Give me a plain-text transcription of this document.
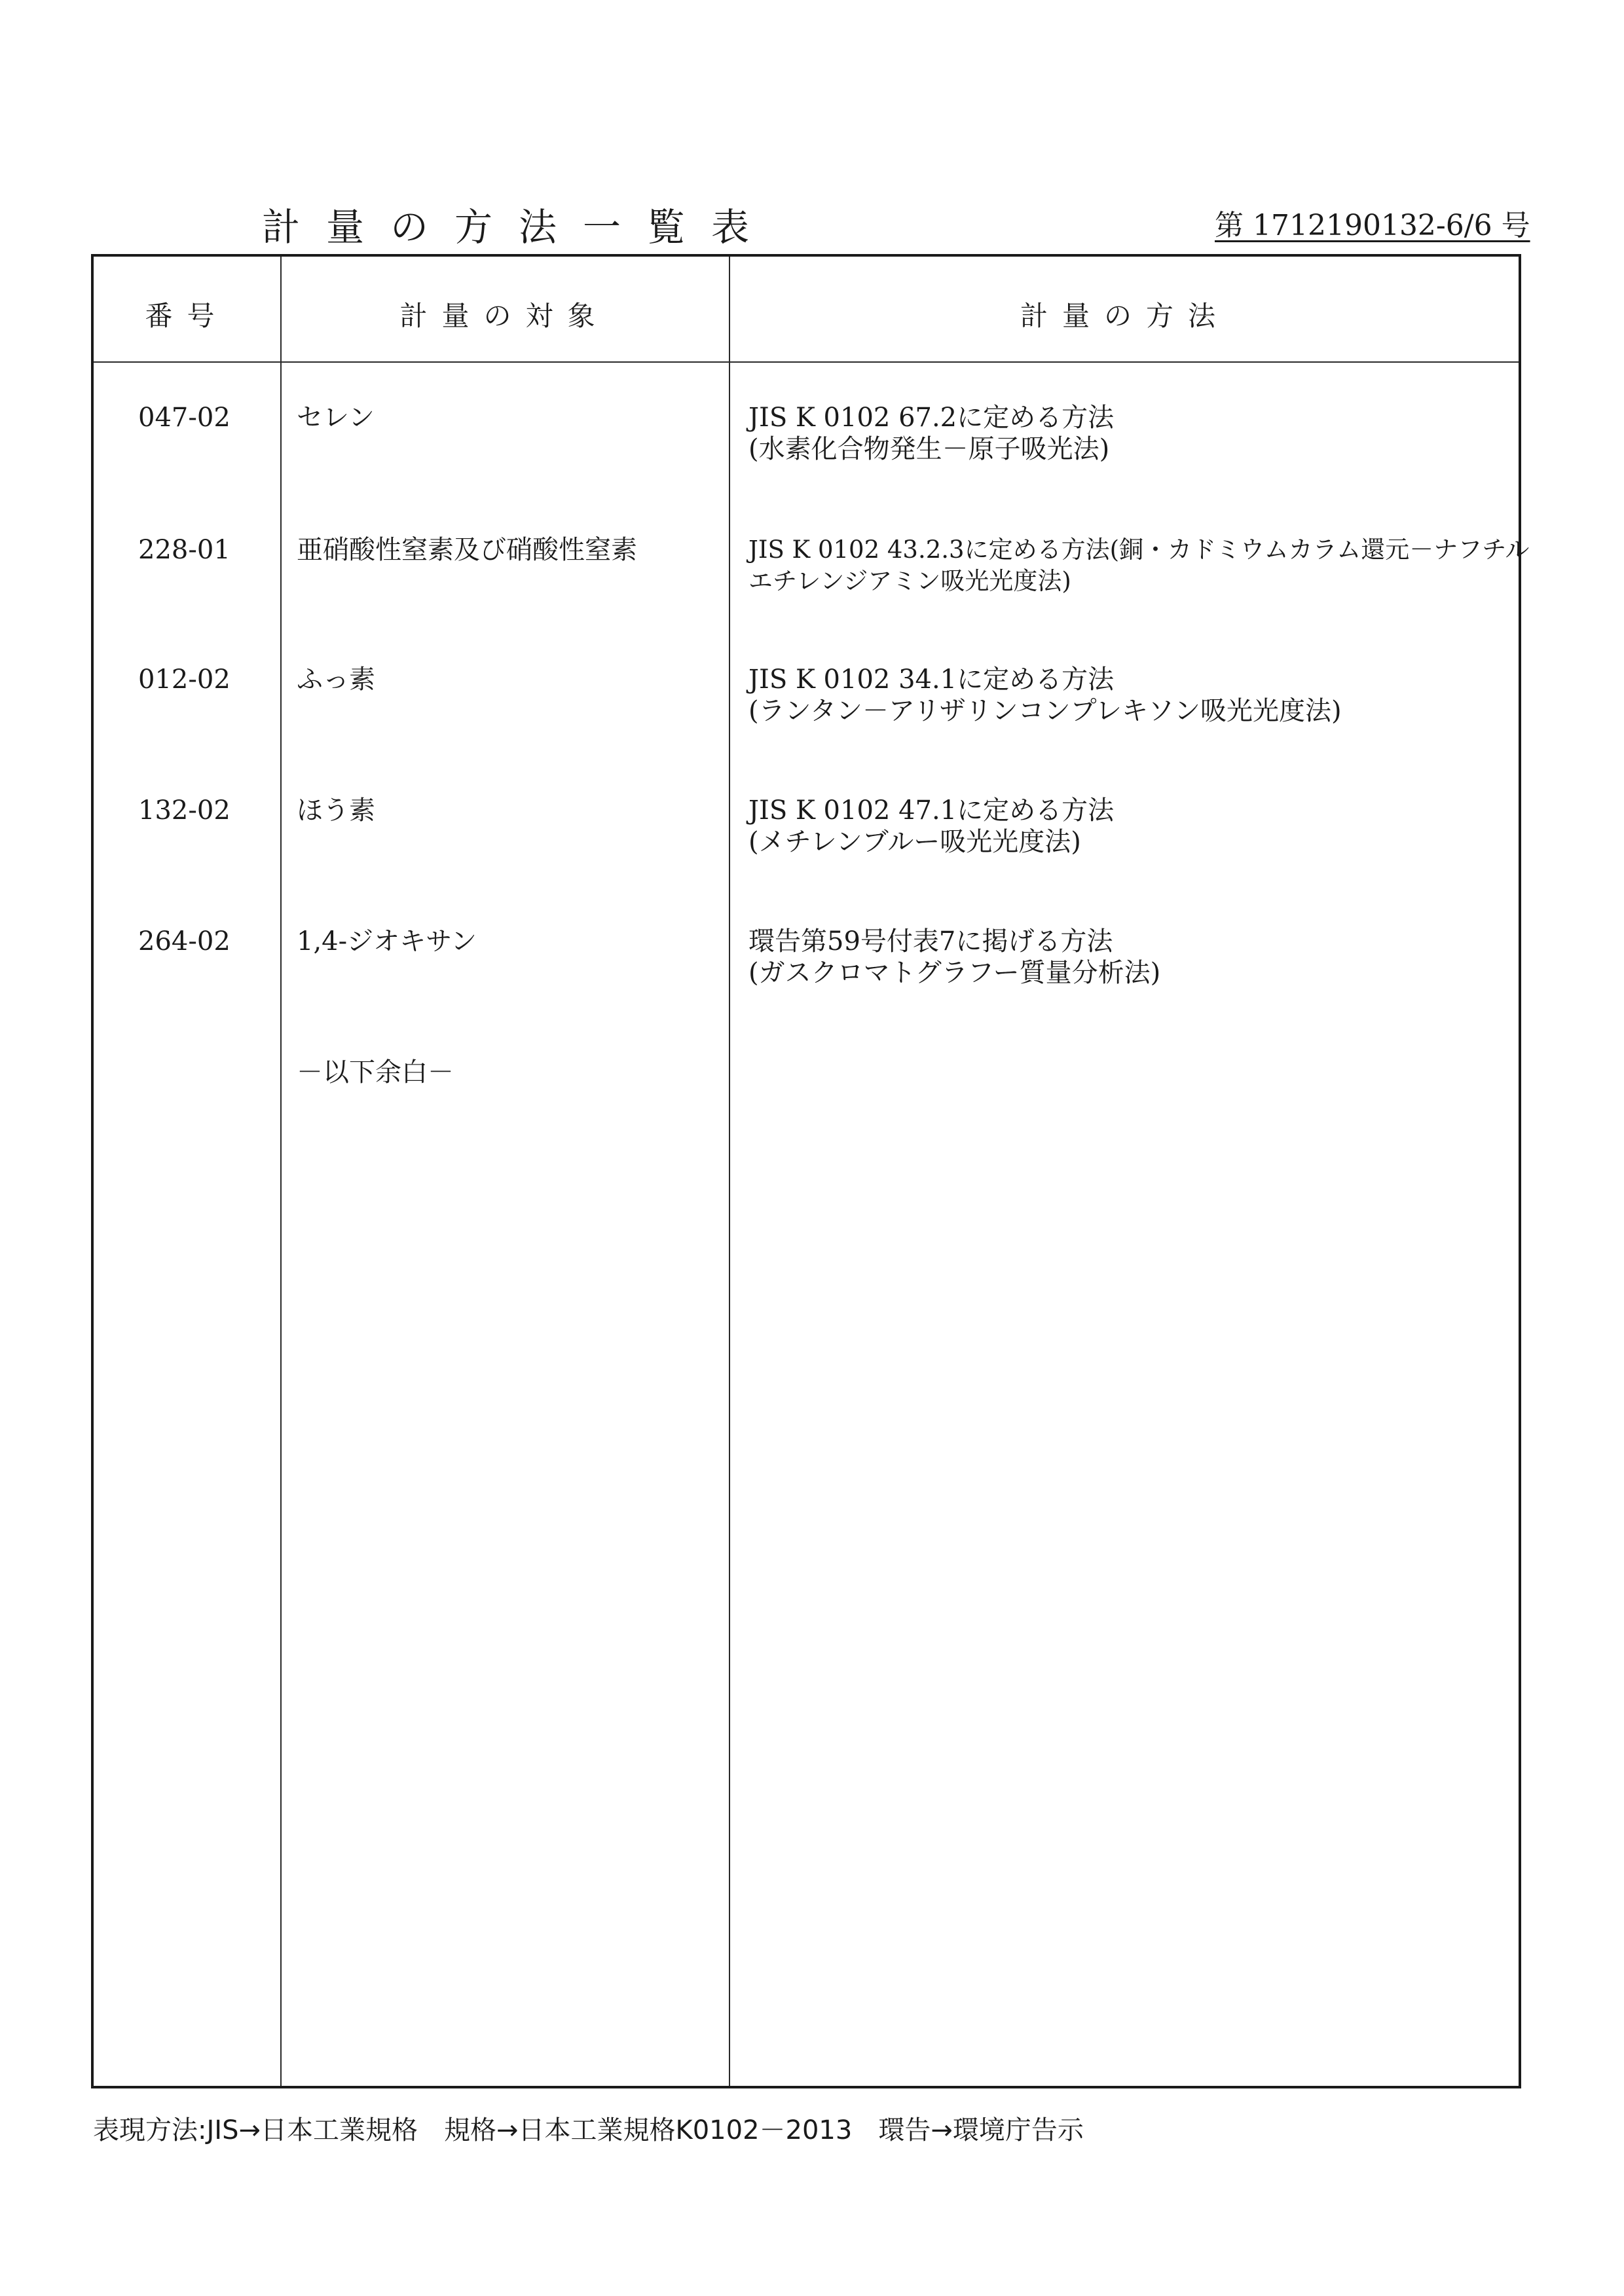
計量の方法一覧表	第 1712190132-6/6 号
番号	計量の対象	計量の方法
047-02	セレン	JIS K 0102 67.2に定める方法
(水素化合物発生－原子吸光法)
228-01	亜硝酸性窒素及び硝酸性窒素	JIS K 0102 43.2.3に定める方法(銅・カドミウムカラム還元－ナフチル
エチレンジアミン吸光光度法)
012-02	ふっ素	JIS K 0102 34.1に定める方法
(ランタン－アリザリンコンプレキソン吸光光度法)
132-02	ほう素	JIS K 0102 47.1に定める方法
(メチレンブルー吸光光度法)
264-02	1,4-ジオキサン	環告第59号付表7に掲げる方法
(ガスクロマトグラフー質量分析法)
－以下余白－
表現方法:JIS→日本工業規格　規格→日本工業規格K0102－2013　環告→環境庁告示
